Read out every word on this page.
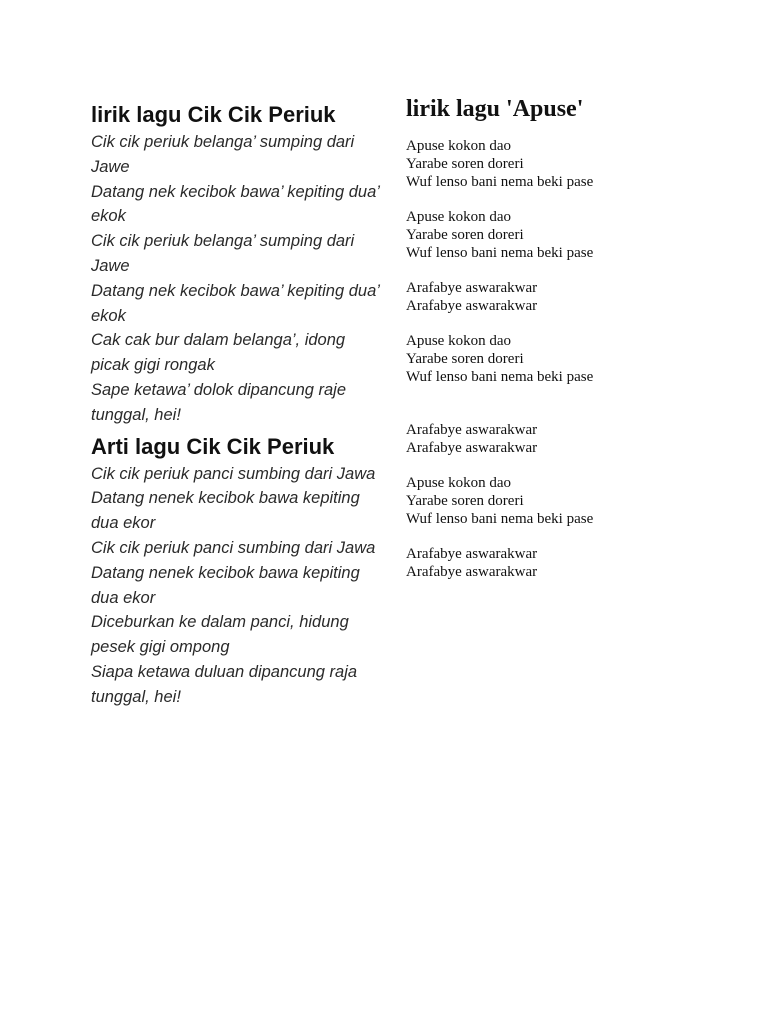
lirik lagu Cik Cik Periuk
Cik cik periuk belanga’ sumping dari Jawe
Datang nek kecibok bawa’ kepiting dua’ ekok
Cik cik periuk belanga’ sumping dari Jawe
Datang nek kecibok bawa’ kepiting dua’ ekok
Cak cak bur dalam belanga’, idong picak gigi rongak
Sape ketawa’ dolok dipancung raje tunggal, hei!
Arti lagu Cik Cik Periuk
Cik cik periuk panci sumbing dari Jawa
Datang nenek kecibok bawa kepiting dua ekor
Cik cik periuk panci sumbing dari Jawa
Datang nenek kecibok bawa kepiting dua ekor
Diceburkan ke dalam panci, hidung pesek gigi ompong
Siapa ketawa duluan dipancung raja tunggal, hei!
lirik lagu 'Apuse'
Apuse kokon dao
Yarabe soren doreri
Wuf lenso bani nema beki pase
Apuse kokon dao
Yarabe soren doreri
Wuf lenso bani nema beki pase
Arafabye aswarakwar
Arafabye aswarakwar
Apuse kokon dao
Yarabe soren doreri
Wuf lenso bani nema beki pase
Arafabye aswarakwar
Arafabye aswarakwar
Apuse kokon dao
Yarabe soren doreri
Wuf lenso bani nema beki pase
Arafabye aswarakwar
Arafabye aswarakwar
